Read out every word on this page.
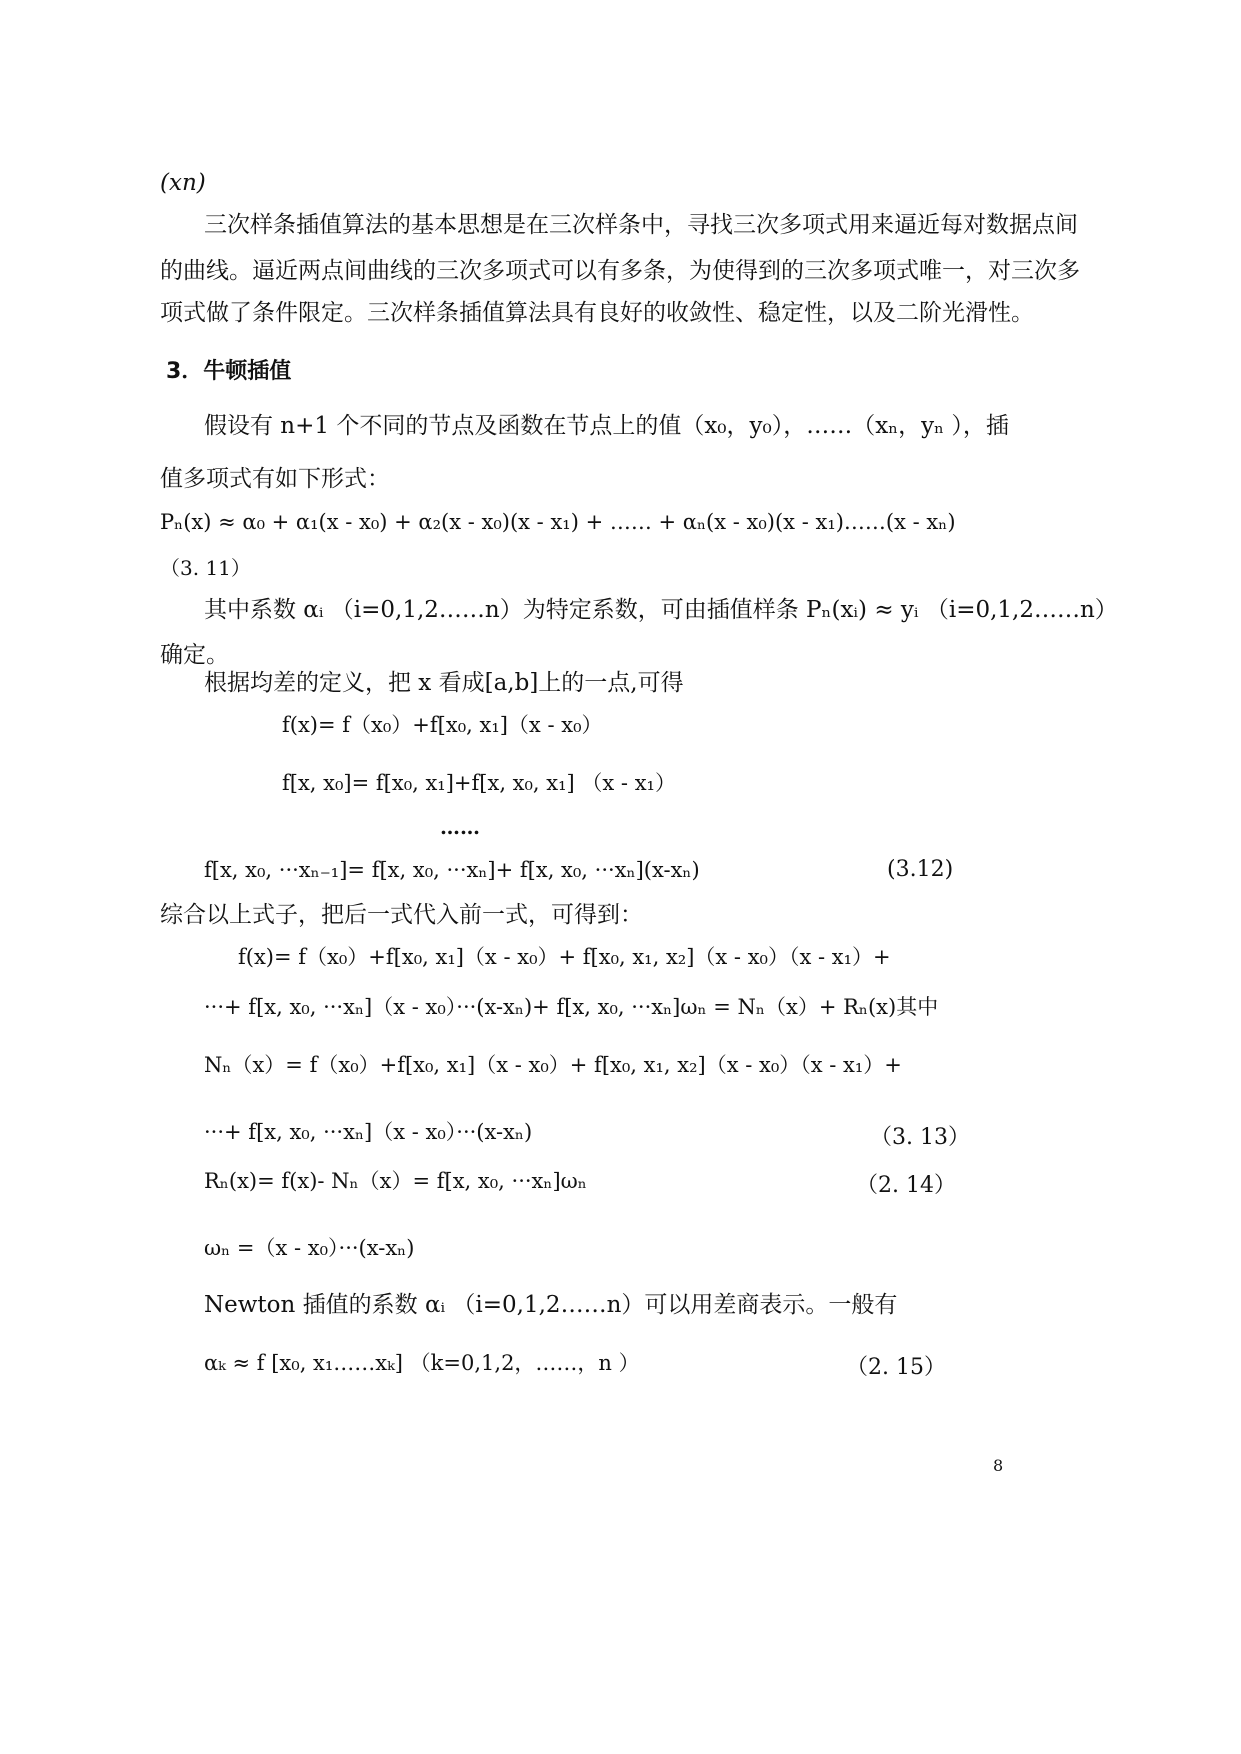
(xn)
三次样条插值算法的基本思想是在三次样条中，寻找三次多项式用来逼近每对数据点间
的曲线。逼近两点间曲线的三次多项式可以有多条，为使得到的三次多项式唯一，对三次多
项式做了条件限定。三次样条插值算法具有良好的收敛性、稳定性，以及二阶光滑性。
3．牛顿插值
假设有 n+1 个不同的节点及函数在节点上的值（x₀，y₀），……（xₙ，yₙ ），插
值多项式有如下形式：
Pₙ(x) ≈ α₀ + α₁(x - x₀) + α₂(x - x₀)(x - x₁) + …… + αₙ(x - x₀)(x - x₁)……(x - xₙ)
（3. 11）
其中系数 αᵢ （i=0,1,2……n）为特定系数，可由插值样条 Pₙ(xᵢ) ≈ yᵢ （i=0,1,2……n）
确定。
根据均差的定义，把 x 看成[a,b]上的一点,可得
f(x)= f（x₀）+f[x₀, x₁]（x - x₀）
f[x, x₀]= f[x₀, x₁]+f[x, x₀, x₁] （x - x₁）
……
f[x, x₀, ···xₙ₋₁]= f[x, x₀, ···xₙ]+ f[x, x₀, ···xₙ](x-xₙ)	(3.12)
综合以上式子，把后一式代入前一式，可得到：
f(x)= f（x₀）+f[x₀, x₁]（x - x₀）+ f[x₀, x₁, x₂]（x - x₀）（x - x₁）+
···+ f[x, x₀, ···xₙ]（x - x₀）···(x-xₙ)+ f[x, x₀, ···xₙ]ωₙ = Nₙ（x）+ Rₙ(x)其中
Nₙ（x）= f（x₀）+f[x₀, x₁]（x - x₀）+ f[x₀, x₁, x₂]（x - x₀）（x - x₁）+
···+ f[x, x₀, ···xₙ]（x - x₀）···(x-xₙ)	（3. 13）
Rₙ(x)= f(x)- Nₙ（x）= f[x, x₀, ···xₙ]ωₙ	（2. 14）
ωₙ =（x - x₀）···(x-xₙ)
Newton 插值的系数 αᵢ （i=0,1,2……n）可以用差商表示。一般有
αₖ ≈ f [x₀, x₁……xₖ] （k=0,1,2，……，n ）	（2. 15）
8
